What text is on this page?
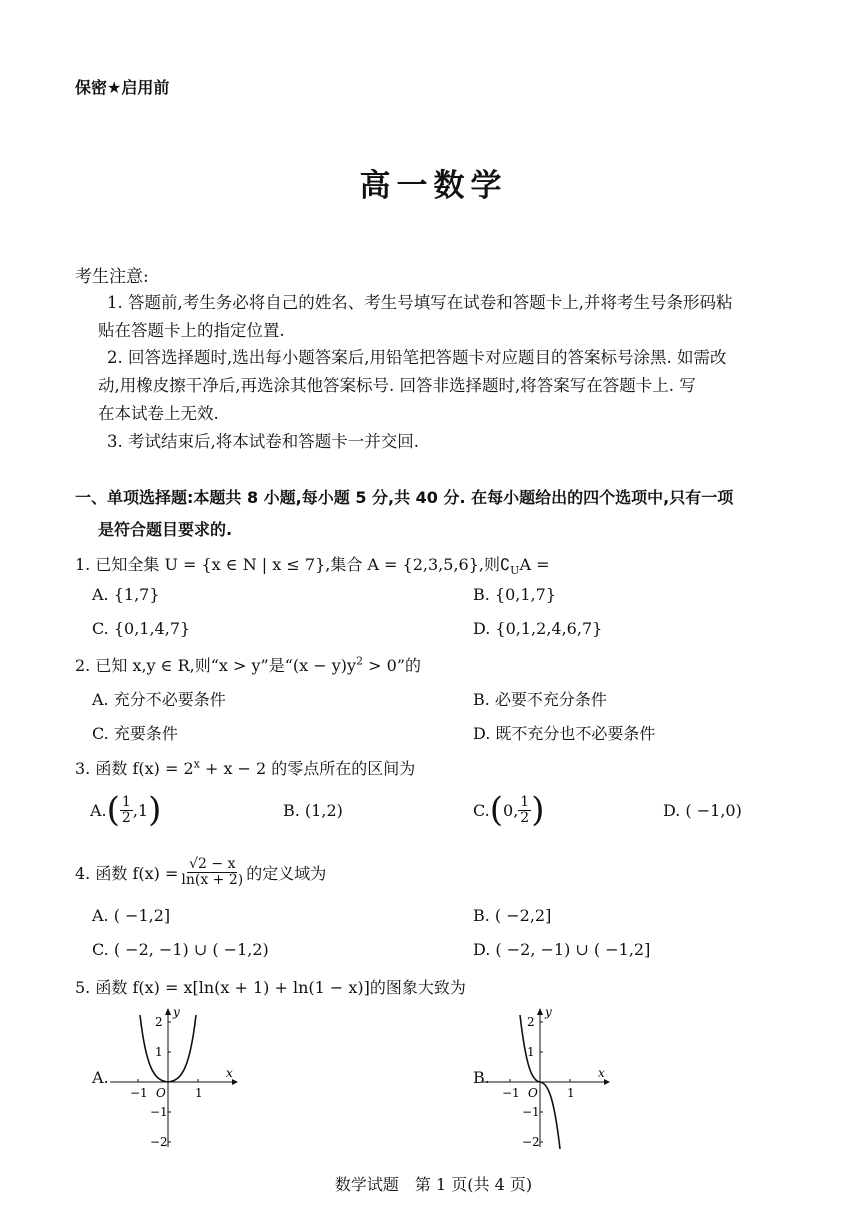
保密★启用前
高一数学
考生注意:
1. 答题前,考生务必将自己的姓名、考生号填写在试卷和答题卡上,并将考生号条形码粘
贴在答题卡上的指定位置.
2. 回答选择题时,选出每小题答案后,用铅笔把答题卡对应题目的答案标号涂黑. 如需改
动,用橡皮擦干净后,再选涂其他答案标号. 回答非选择题时,将答案写在答题卡上. 写
在本试卷上无效.
3. 考试结束后,将本试卷和答题卡一并交回.
一、单项选择题:本题共 8 小题,每小题 5 分,共 40 分. 在每小题给出的四个选项中,只有一项
是符合题目要求的.
1. 已知全集 U = {x ∈ N | x ≤ 7},集合 A = {2,3,5,6},则$∁_UA$ =
A. {1,7}	B. {0,1,7}
C. {0,1,4,7}	D. {0,1,2,4,6,7}
2. 已知 x,y ∈ R,则“x > y”是“$(x - y)y^2 > 0$”的
A. 充分不必要条件	B. 必要不充分条件
C. 充要条件	D. 既不充分也不必要条件
3. 函数 $f(x) = 2^x + x - 2$ 的零点所在的区间为
A. ( $\frac{1}{2} ,1$ )	B. (1,2)	C. ( 0, $\frac{1}{2}$ )	D. ( −1,0)
4. 函数 $f(x) = \frac{√2 - x}{\ln(x + 2)}$ 的定义域为
A. ( −1,2]	B. ( −2,2]
C. ( −2, −1) ∪ ( −1,2)	D. ( −2, −1) ∪ ( −1,2]
5. 函数 f(x) = x[ln(x + 1) + ln(1 − x)]的图象大致为
A.	x
y
2
1
−1
−2
−1	1
O
B.	x
y
2
1
−1
−2
−1	1
O
数学试题　第 1 页(共 4 页)
